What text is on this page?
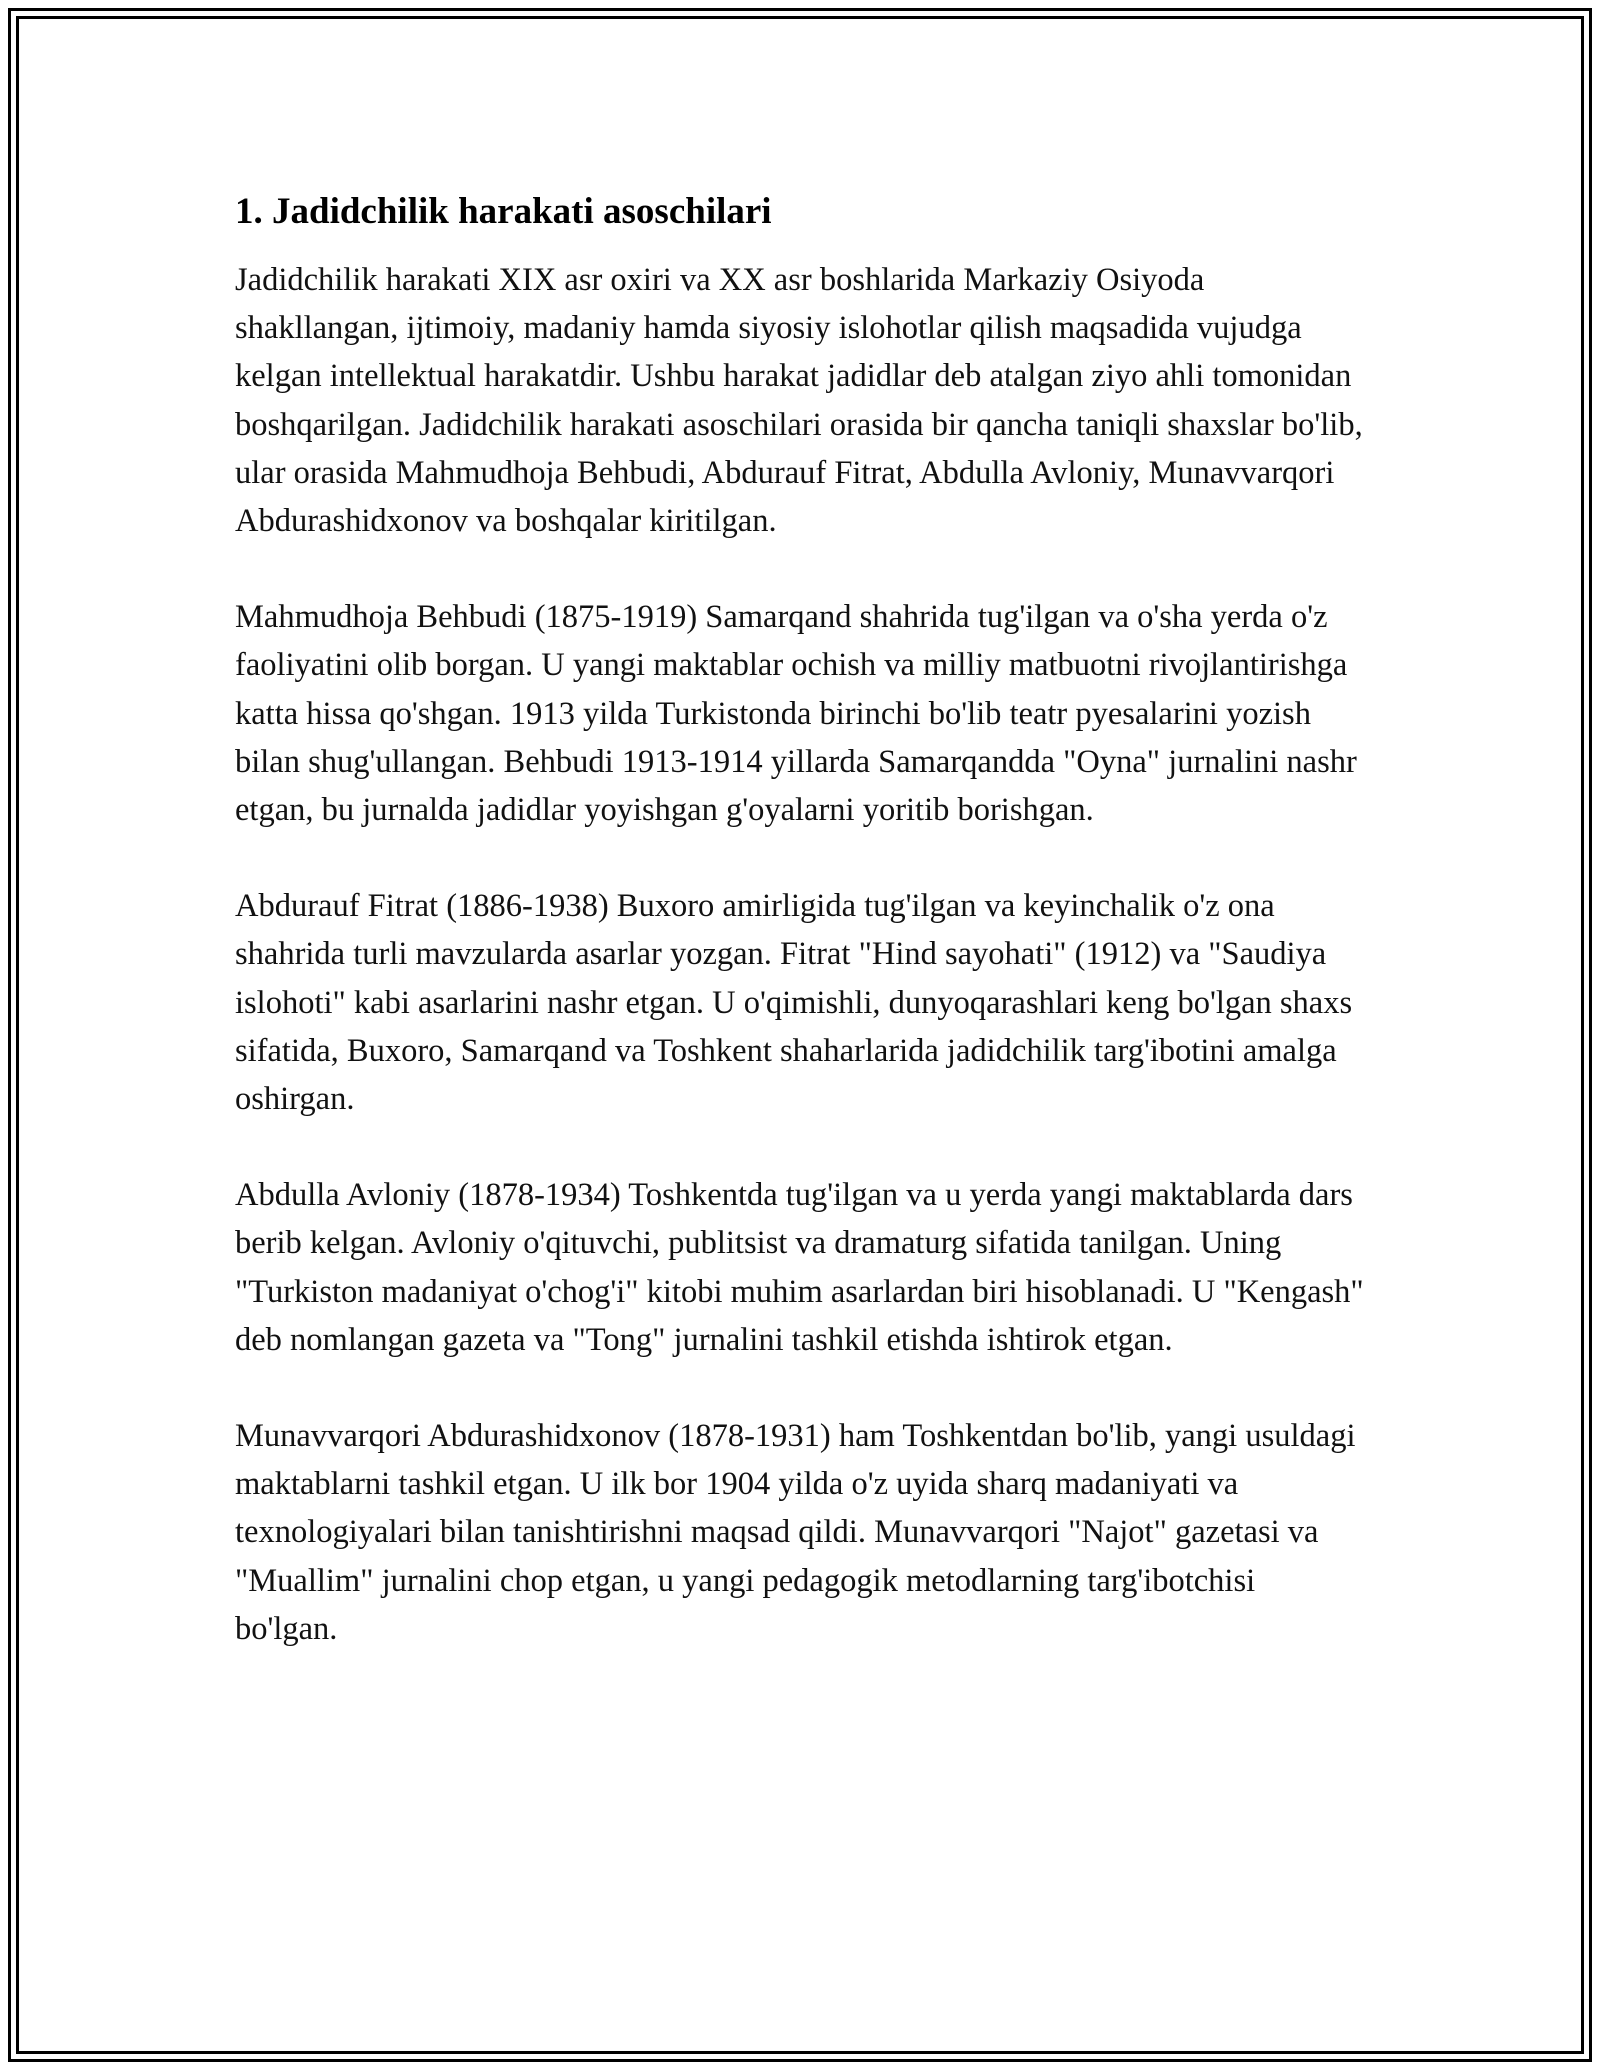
1. Jadidchilik harakati asoschilari

Jadidchilik harakati XIX asr oxiri va XX asr boshlarida Markaziy Osiyoda shakllangan, ijtimoiy, madaniy hamda siyosiy islohotlar qilish maqsadida vujudga kelgan intellektual harakatdir. Ushbu harakat jadidlar deb atalgan ziyo ahli tomonidan boshqarilgan. Jadidchilik harakati asoschilari orasida bir qancha taniqli shaxslar bo'lib, ular orasida Mahmudhoja Behbudi, Abdurauf Fitrat, Abdulla Avloniy, Munavvarqori Abdurashidxonov va boshqalar kiritilgan.

Mahmudhoja Behbudi (1875-1919) Samarqand shahrida tug'ilgan va o'sha yerda o'z faoliyatini olib borgan. U yangi maktablar ochish va milliy matbuotni rivojlantirishga katta hissa qo'shgan. 1913 yilda Turkistonda birinchi bo'lib teatr pyesalarini yozish bilan shug'ullangan. Behbudi 1913-1914 yillarda Samarqandda "Oyna" jurnalini nashr etgan, bu jurnalda jadidlar yoyishgan g'oyalarni yoritib borishgan.

Abdurauf Fitrat (1886-1938) Buxoro amirligida tug'ilgan va keyinchalik o'z ona shahrida turli mavzularda asarlar yozgan. Fitrat "Hind sayohati" (1912) va "Saudiya islohoti" kabi asarlarini nashr etgan. U o'qimishli, dunyoqarashlari keng bo'lgan shaxs sifatida, Buxoro, Samarqand va Toshkent shaharlarida jadidchilik targ'ibotini amalga oshirgan.

Abdulla Avloniy (1878-1934) Toshkentda tug'ilgan va u yerda yangi maktablarda dars berib kelgan. Avloniy o'qituvchi, publitsist va dramaturg sifatida tanilgan. Uning "Turkiston madaniyat o'chog'i" kitobi muhim asarlardan biri hisoblanadi. U "Kengash" deb nomlangan gazeta va "Tong" jurnalini tashkil etishda ishtirok etgan.

Munavvarqori Abdurashidxonov (1878-1931) ham Toshkentdan bo'lib, yangi usuldagi maktablarni tashkil etgan. U ilk bor 1904 yilda o'z uyida sharq madaniyati va texnologiyalari bilan tanishtirishni maqsad qildi. Munavvarqori "Najot" gazetasi va "Muallim" jurnalini chop etgan, u yangi pedagogik metodlarning targ'ibotchisi bo'lgan.
